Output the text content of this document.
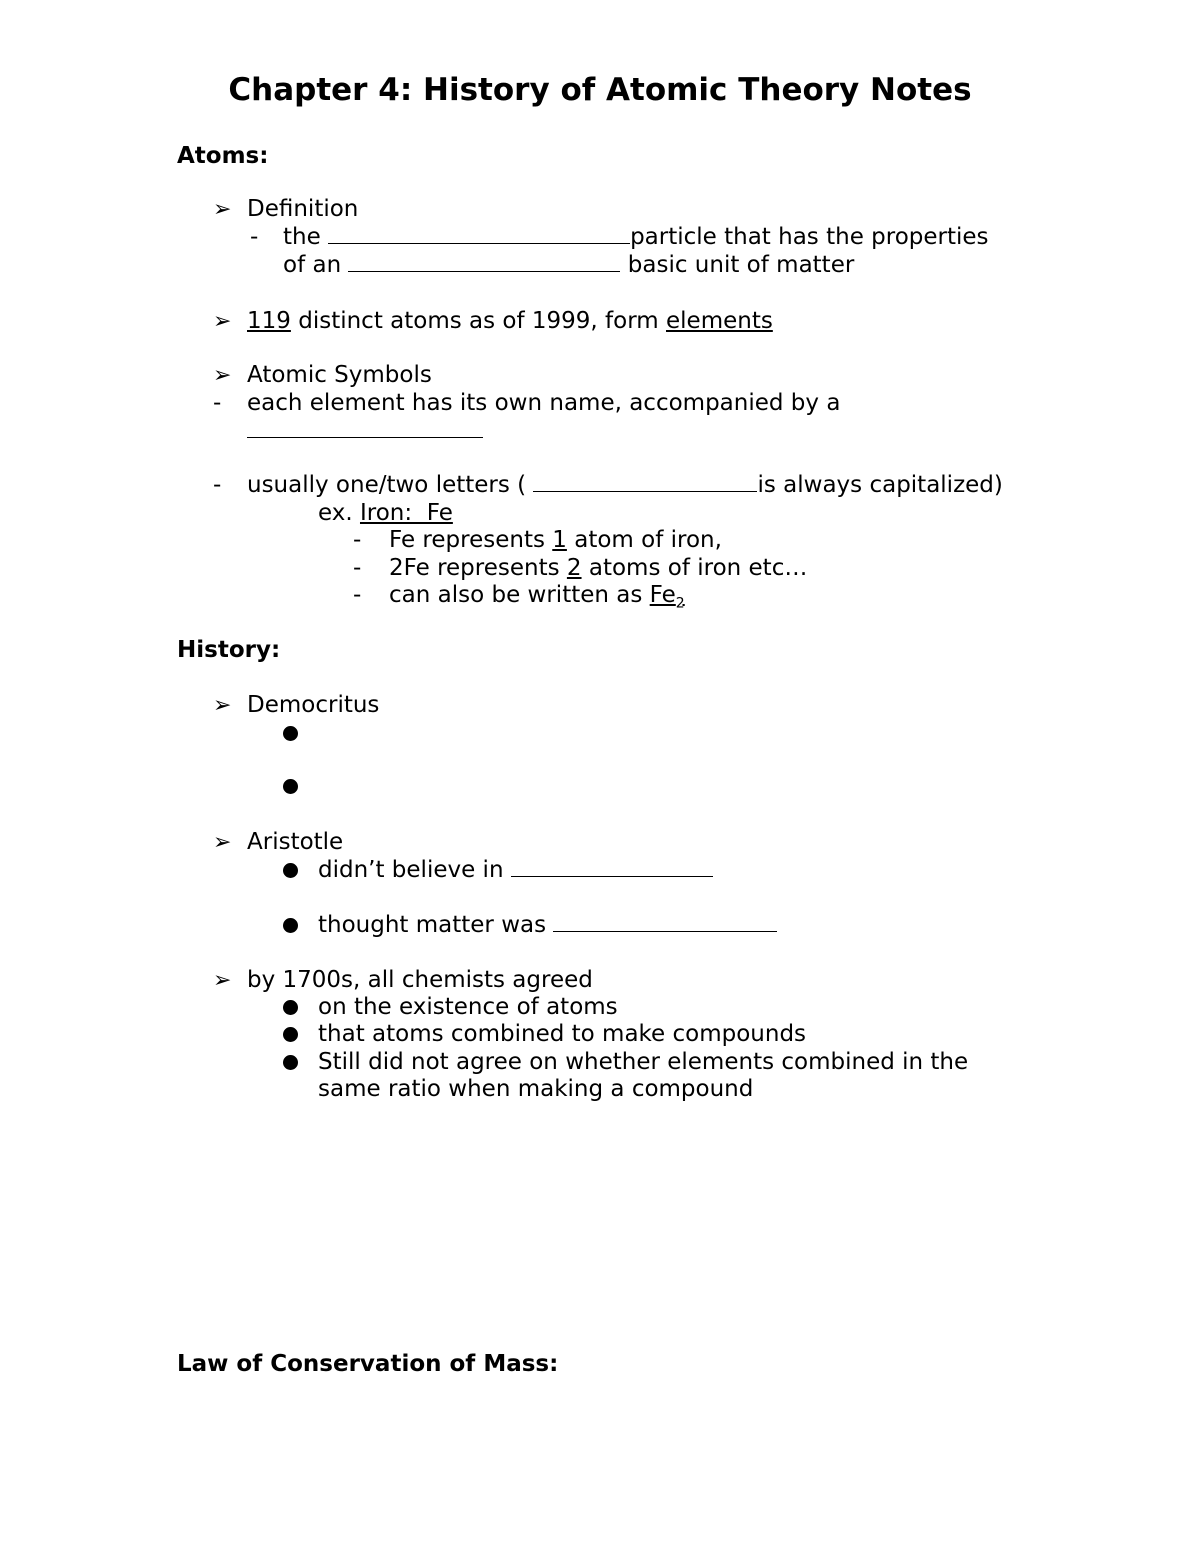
Chapter 4: History of Atomic Theory Notes
Atoms:
➢ Definition
- the	particle that has the properties
of an	basic unit of matter
➢ 119 distinct atoms as of 1999, form elements
➢ Atomic Symbols
- each element has its own name, accompanied by a
- usually one/two letters (	is always capitalized)
ex. Iron:  Fe
- Fe represents 1 atom of iron,
- 2Fe represents 2 atoms of iron etc…
- can also be written as $Fe_2$
History:
➢ Democritus
➢ Aristotle
didn’t believe in
thought matter was
➢ by 1700s, all chemists agreed
on the existence of atoms
that atoms combined to make compounds
Still did not agree on whether elements combined in the
same ratio when making a compound
Law of Conservation of Mass:
